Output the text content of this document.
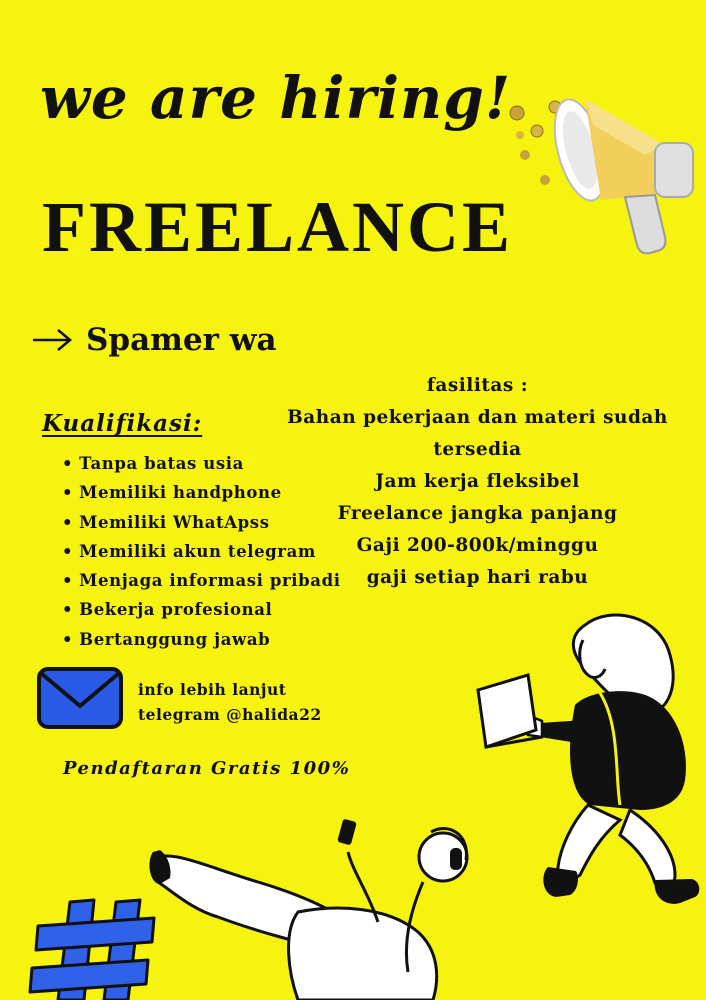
we are hiring!
FREELANCE
Spamer wa
Kualifikasi:
• Tanpa batas usia
• Memiliki handphone
• Memiliki WhatApss
• Memiliki akun telegram
• Menjaga informasi pribadi
• Bekerja profesional
• Bertanggung jawab
fasilitas :
Bahan pekerjaan dan materi sudah
tersedia
Jam kerja fleksibel
Freelance jangka panjang
Gaji 200-800k/minggu
gaji setiap hari rabu
info lebih lanjut
telegram @halida22
Pendaftaran Gratis 100%
